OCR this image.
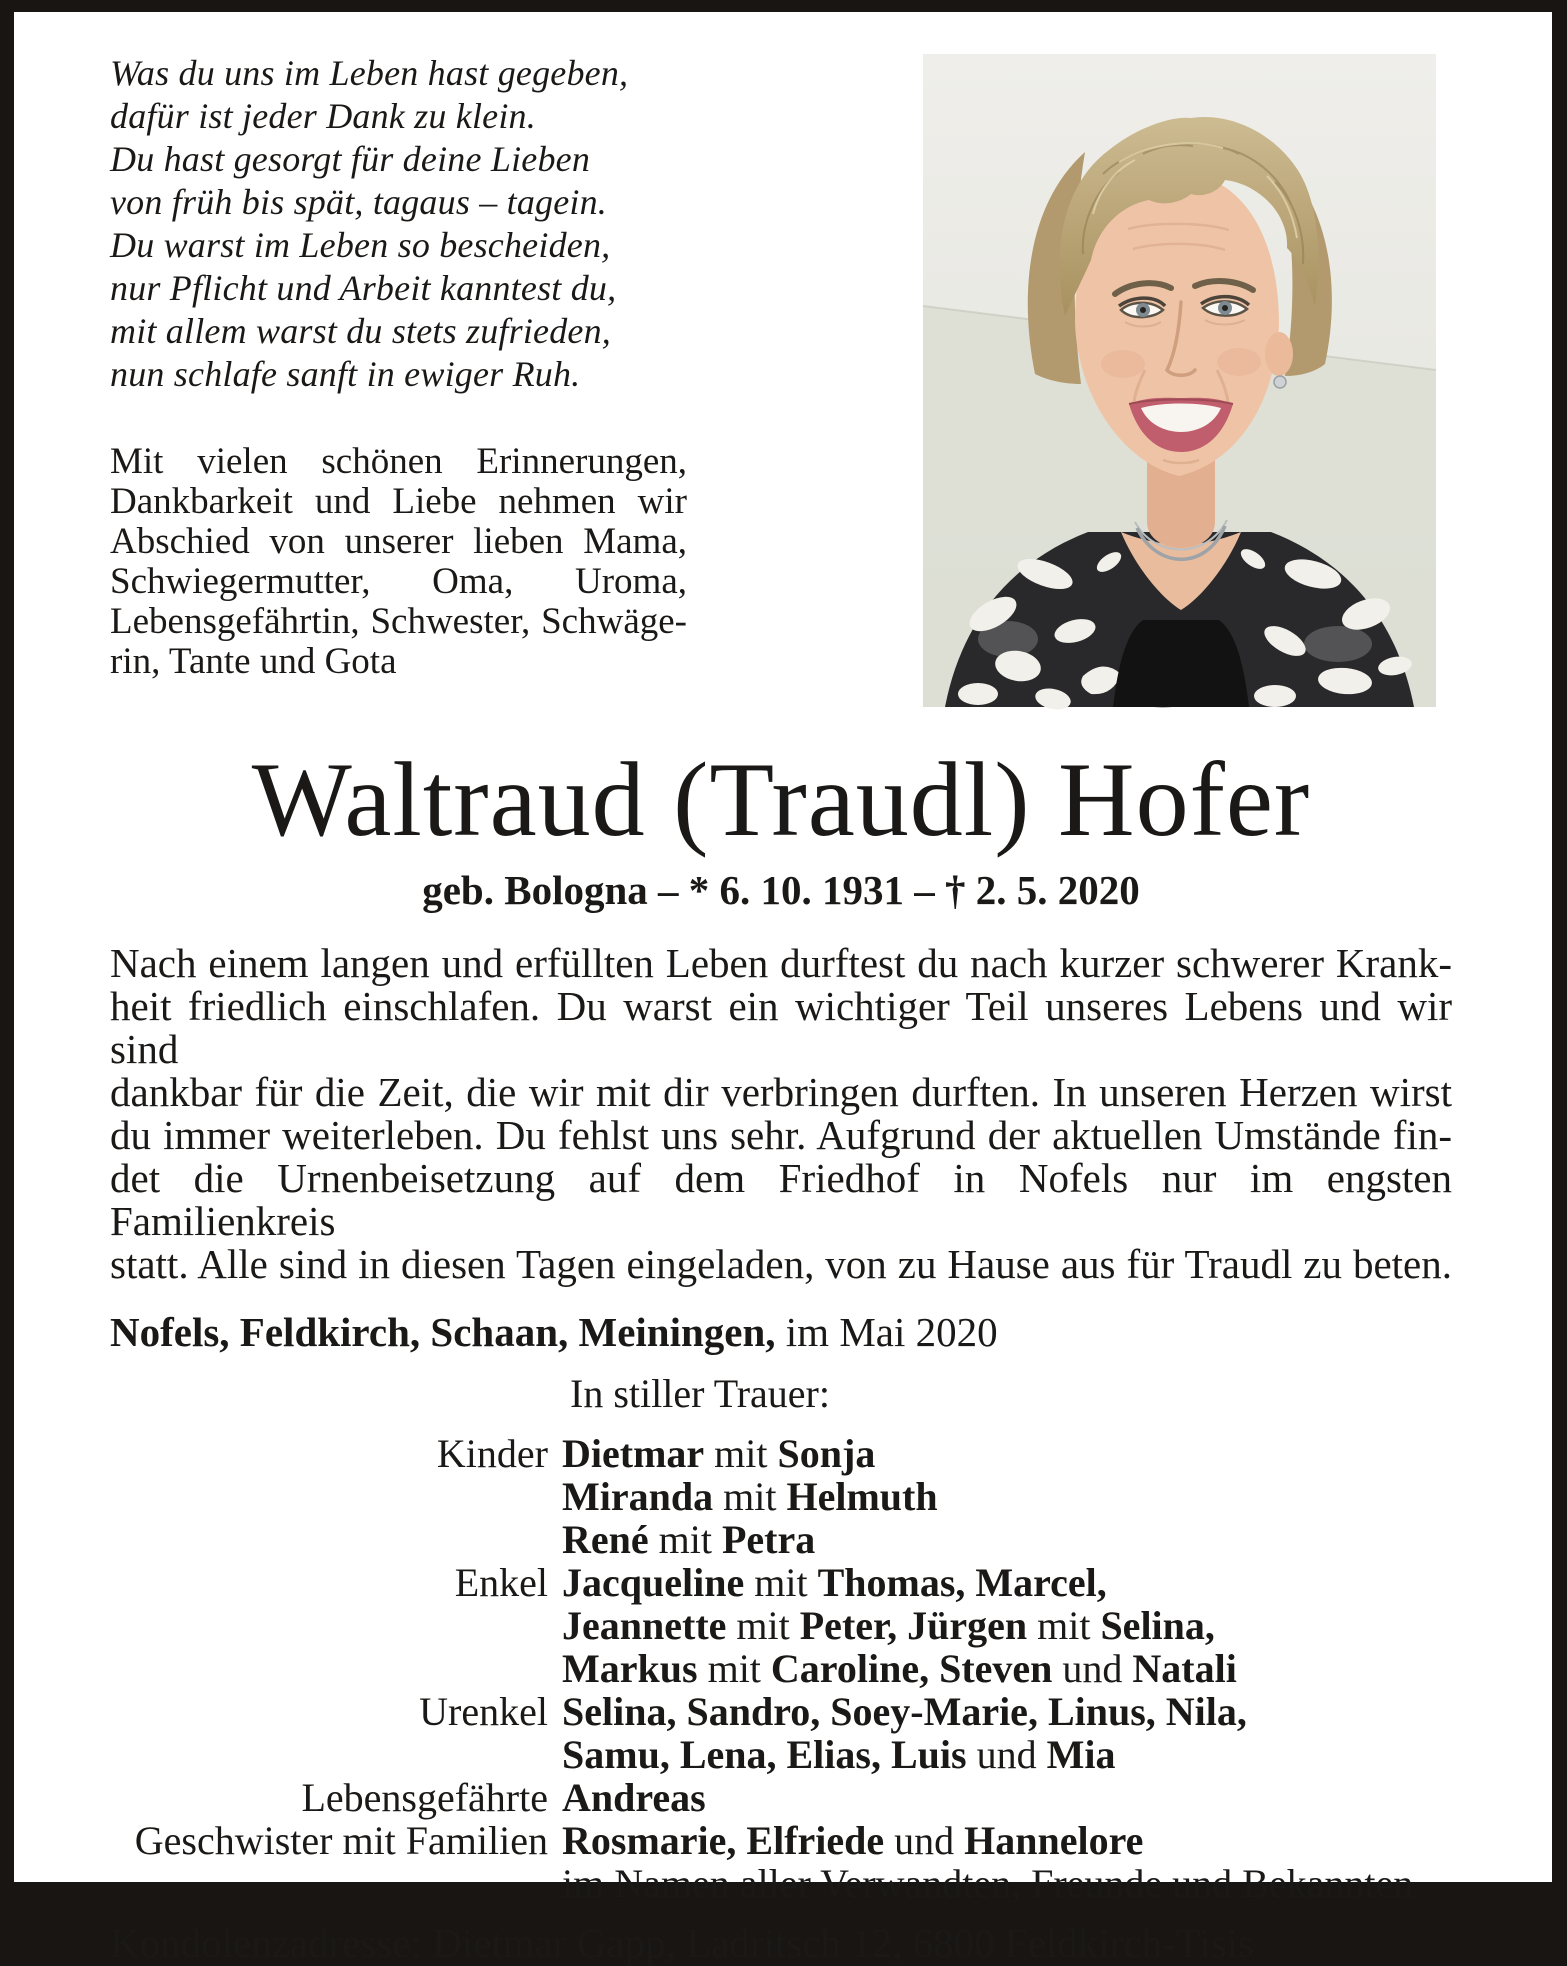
Was du uns im Leben hast gegeben,
dafür ist jeder Dank zu klein.
Du hast gesorgt für deine Lieben
von früh bis spät, tagaus – tagein.
Du warst im Leben so bescheiden,
nur Pflicht und Arbeit kanntest du,
mit allem warst du stets zufrieden,
nun schlafe sanft in ewiger Ruh.
Mit vielen schönen Erinnerungen,
Dankbarkeit und Liebe nehmen wir
Abschied von unserer lieben Mama,
Schwiegermutter, Oma, Uroma,
Lebensgefährtin, Schwester, Schwäge-
rin, Tante und Gota
Waltraud (Traudl) Hofer
geb. Bologna – * 6. 10. 1931 – † 2. 5. 2020
Nach einem langen und erfüllten Leben durftest du nach kurzer schwerer Krank-
heit friedlich einschlafen. Du warst ein wichtiger Teil unseres Lebens und wir sind
dankbar für die Zeit, die wir mit dir verbringen durften. In unseren Herzen wirst
du immer weiterleben. Du fehlst uns sehr. Aufgrund der aktuellen Umstände fin-
det die Urnenbeisetzung auf dem Friedhof in Nofels nur im engsten Familienkreis
statt. Alle sind in diesen Tagen eingeladen, von zu Hause aus für Traudl zu beten.
Nofels, Feldkirch, Schaan, Meiningen, im Mai 2020
In stiller Trauer:
Kinder Dietmar mit Sonja
Miranda mit Helmuth
René mit Petra
Enkel Jacqueline mit Thomas, Marcel,
Jeannette mit Peter, Jürgen mit Selina,
Markus mit Caroline, Steven und Natali
Urenkel Selina, Sandro, Soey-Marie, Linus, Nila,
Samu, Lena, Elias, Luis und Mia
Lebensgefährte Andreas
Geschwister mit Familien Rosmarie, Elfriede und Hannelore
im Namen aller Verwandten, Freunde und Bekannten
Kondolenzadresse: Dietmar Gapp, Ladritsch 12, 6800 Feldkirch-Tisis
